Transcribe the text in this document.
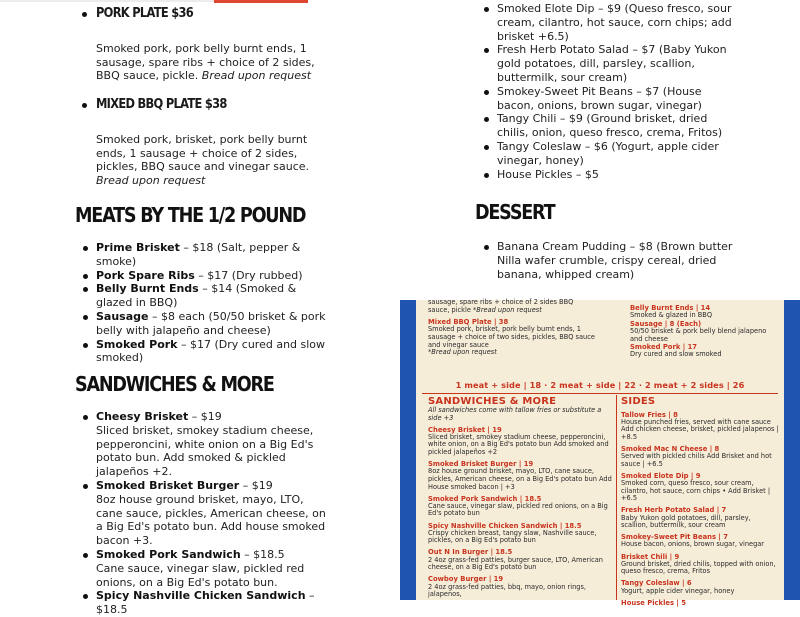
PORK PLATE $36

Smoked pork, pork belly burnt ends, 1 sausage, spare ribs + choice of 2 sides, BBQ sauce, pickle. Bread upon request

MIXED BBQ PLATE $38

Smoked pork, brisket, pork belly burnt ends, 1 sausage + choice of 2 sides, pickles, BBQ sauce and vinegar sauce. Bread upon request

MEATS BY THE 1/2 POUND
Prime Brisket – $18 (Salt, pepper & smoke)
Pork Spare Ribs – $17 (Dry rubbed)
Belly Burnt Ends – $14 (Smoked & glazed in BBQ)
Sausage – $8 each (50/50 brisket & pork belly with jalapeño and cheese)
Smoked Pork – $17 (Dry cured and slow smoked)
SANDWICHES & MORE
Cheesy Brisket – $19
Sliced brisket, smokey stadium cheese, pepperoncini, white onion on a Big Ed's potato bun. Add smoked & pickled jalapeños +2.
Smoked Brisket Burger – $19
8oz house ground brisket, mayo, LTO, cane sauce, pickles, American cheese, on a Big Ed's potato bun. Add house smoked bacon +3.
Smoked Pork Sandwich – $18.5
Cane sauce, vinegar slaw, pickled red onions, on a Big Ed's potato bun.
Spicy Nashville Chicken Sandwich – $18.5
Smoked Elote Dip – $9 (Queso fresco, sour cream, cilantro, hot sauce, corn chips; add brisket +6.5)
Fresh Herb Potato Salad – $7 (Baby Yukon gold potatoes, dill, parsley, scallion, buttermilk, sour cream)
Smokey-Sweet Pit Beans – $7 (House bacon, onions, brown sugar, vinegar)
Tangy Chili – $9 (Ground brisket, dried chilis, onion, queso fresco, crema, Fritos)
Tangy Coleslaw – $6 (Yogurt, apple cider vinegar, honey)
House Pickles – $5
DESSERT
Banana Cream Pudding – $8 (Brown butter Nilla wafer crumble, crispy cereal, dried banana, whipped cream)
sausage, spare ribs + choice of 2 sides BBQ sauce, pickle *Bread upon request
Mixed BBQ Plate | 38
Smoked pork, brisket, pork belly burnt ends, 1 sausage + choice of two sides, pickles, BBQ sauce and vinegar sauce
*Bread upon request
Belly Burnt Ends | 14
Smoked & glazed in BBQ
Sausage | 8 (Each)
50/50 brisket & pork belly blend jalapeno and cheese
Smoked Pork | 17
Dry cured and slow smoked
1 meat + side | 18 · 2 meat + side | 22 · 2 meat + 2 sides | 26
SANDWICHES & MORE
All sandwiches come with tallow fries or substitute a side +3
Cheesy Brisket | 19
Sliced brisket, smokey stadium cheese, pepperoncini, white onion, on a Big Ed's potato bun Add smoked and pickled jalapeños +2
Smoked Brisket Burger | 19
8oz house ground brisket, mayo, LTO, cane sauce, pickles, American cheese, on a Big Ed's potato bun Add House smoked bacon | +3
Smoked Pork Sandwich | 18.5
Cane sauce, vinegar slaw, pickled red onions, on a Big Ed's potato bun
Spicy Nashville Chicken Sandwich | 18.5
Crispy chicken breast, tangy slaw, Nashville sauce, pickles, on a Big Ed's potato bun
Out N In Burger | 18.5
2 4oz grass-fed patties, burger sauce, LTO, American cheese, on a Big Ed's potato bun
Cowboy Burger | 19
2 4oz grass-fed patties, bbq, mayo, onion rings, jalapenos,
SIDES
Tallow Fries | 8
House punched fries, served with cane sauce Add chicken cheese, brisket, pickled jalapenos | +8.5
Smoked Mac N Cheese | 8
Served with pickled chilis Add Brisket and hot sauce | +6.5
Smoked Elote Dip | 9
Smoked corn, queso fresco, sour cream, cilantro, hot sauce, corn chips • Add Brisket | +6.5
Fresh Herb Potato Salad | 7
Baby Yukon gold potatoes, dill, parsley, scallion, buttermilk, sour cream
Smokey-Sweet Pit Beans | 7
House bacon, onions, brown sugar, vinegar
Brisket Chili | 9
Ground brisket, dried chilis, topped with onion, queso fresco, crema, Fritos
Tangy Coleslaw | 6
Yogurt, apple cider vinegar, honey
House Pickles | 5
